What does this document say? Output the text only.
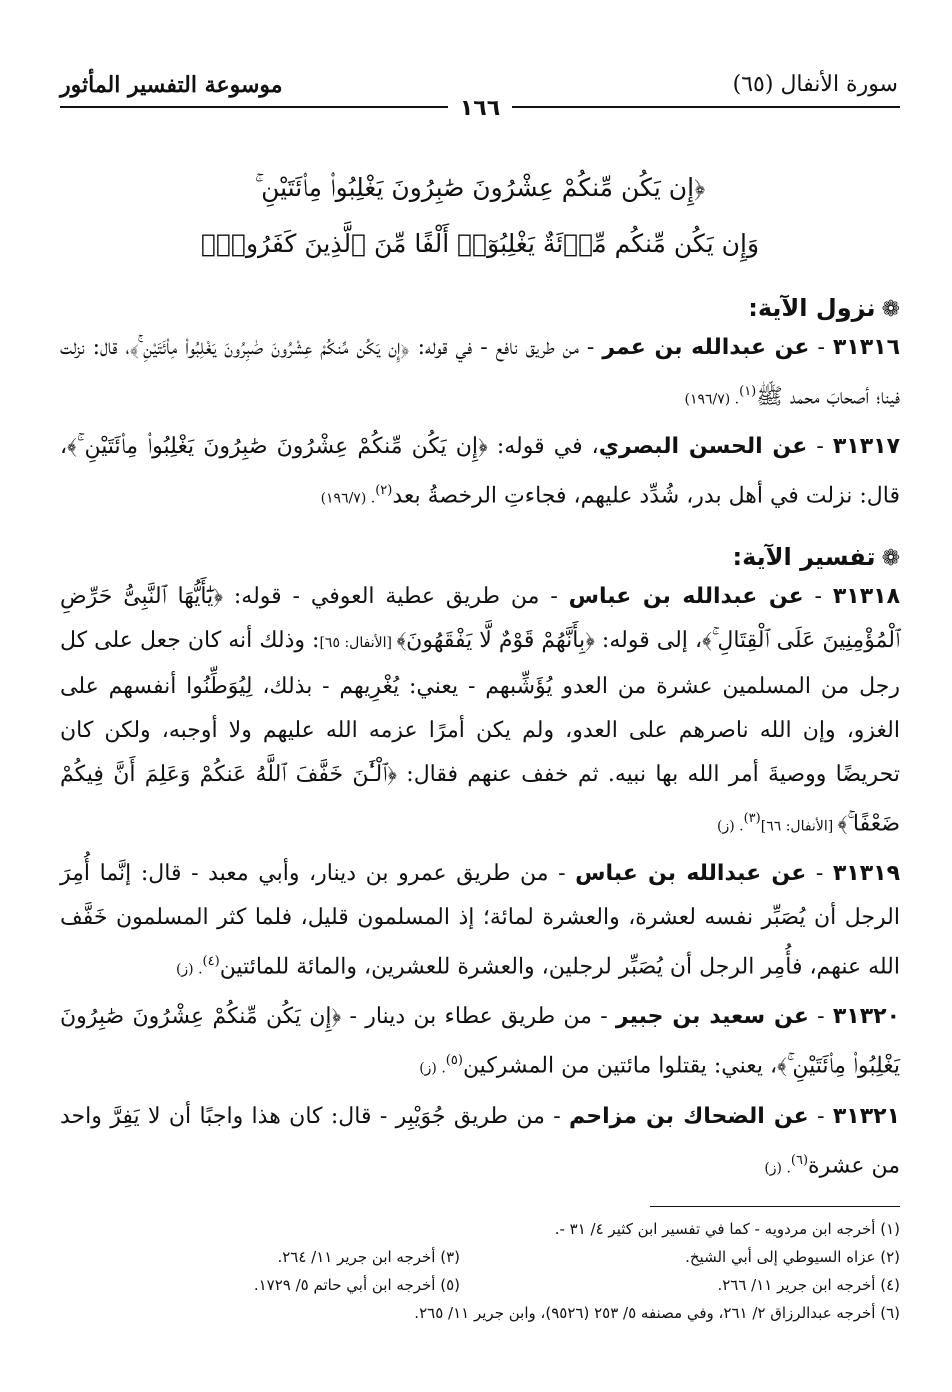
سورة الأنفال (٦٥)
موسوعة التفسير المأثور
١٦٦
﴿إِن يَكُن مِّنكُمْ عِشْرُونَ صَٰبِرُونَ يَغْلِبُوا۟ مِا۟ئَتَيْنِ ۚ
وَإِن يَكُن مِّنكُم مِّا۟ئَةٌ يَغْلِبُوٓا۟ أَلْفًا مِّنَ ٱلَّذِينَ كَفَرُوا۟﴾
❁نزول الآية:
٣١٣١٦ - عن عبدالله بن عمر - من طريق نافع - في قوله: ﴿إِن يَكُن مِّنكُمْ عِشْرُونَ صَٰبِرُونَ يَغْلِبُوا۟ مِا۟ئَتَيْنِ ۚ﴾، قال: نزلت فينا؛ أصحابَ محمد ﷺ$^{(١)}$. (١٩٦/٧)
٣١٣١٧ - عن الحسن البصري، في قوله: ﴿إِن يَكُن مِّنكُمْ عِشْرُونَ صَٰبِرُونَ يَغْلِبُوا۟ مِا۟ئَتَيْنِ ۚ﴾، قال: نزلت في أهل بدر، شُدِّد عليهم، فجاءتِ الرخصةُ بعد$^{(٢)}$. (١٩٦/٧)
❁تفسير الآية:
٣١٣١٨ - عن عبدالله بن عباس - من طريق عطية العوفي - قوله: ﴿يَٰٓأَيُّهَا ٱلنَّبِىُّ حَرِّضِ ٱلْمُؤْمِنِينَ عَلَى ٱلْقِتَالِ ۚ﴾، إلى قوله: ﴿بِأَنَّهُمْ قَوْمٌ لَّا يَفْقَهُونَ﴾ [الأنفال: ٦٥]: وذلك أنه كان جعل على كل رجل من المسلمين عشرة من العدو يُؤَشِّبهم - يعني: يُغْرِيهم - بذلك، لِيُوَطِّنُوا أنفسهم على الغزو، وإن الله ناصرهم على العدو، ولم يكن أمرًا عزمه الله عليهم ولا أوجبه، ولكن كان تحريضًا ووصيةَ أمر الله بها نبيه. ثم خفف عنهم فقال: ﴿ٱلْـَٰٔنَ خَفَّفَ ٱللَّهُ عَنكُمْ وَعَلِمَ أَنَّ فِيكُمْ ضَعْفًا ۚ﴾ [الأنفال: ٦٦]$^{(٣)}$. (ز)
٣١٣١٩ - عن عبدالله بن عباس - من طريق عمرو بن دينار، وأبي معبد - قال: إنَّما أُمِرَ الرجل أن يُصَبِّر نفسه لعشرة، والعشرة لمائة؛ إذ المسلمون قليل، فلما كثر المسلمون خَفَّف الله عنهم، فأُمِر الرجل أن يُصَبِّر لرجلين، والعشرة للعشرين، والمائة للمائتين$^{(٤)}$. (ز)
٣١٣٢٠ - عن سعيد بن جبير - من طريق عطاء بن دينار - ﴿إِن يَكُن مِّنكُمْ عِشْرُونَ صَٰبِرُونَ يَغْلِبُوا۟ مِا۟ئَتَيْنِ ۚ﴾، يعني: يقتلوا مائتين من المشركين$^{(٥)}$. (ز)
٣١٣٢١ - عن الضحاك بن مزاحم - من طريق جُوَيْبِر - قال: كان هذا واجبًا أن لا يَفِرَّ واحد من عشرة$^{(٦)}$. (ز)
(١) أخرجه ابن مردويه - كما في تفسير ابن كثير ٤/ ٣١ -.
(٢) عزاه السيوطي إلى أبي الشيخ.
(٣) أخرجه ابن جرير ١١/ ٢٦٤.
(٤) أخرجه ابن جرير ١١/ ٢٦٦.
(٥) أخرجه ابن أبي حاتم ٥/ ١٧٢٩.
(٦) أخرجه عبدالرزاق ٢/ ٢٦١، وفي مصنفه ٥/ ٢٥٣ (٩٥٢٦)، وابن جرير ١١/ ٢٦٥.
